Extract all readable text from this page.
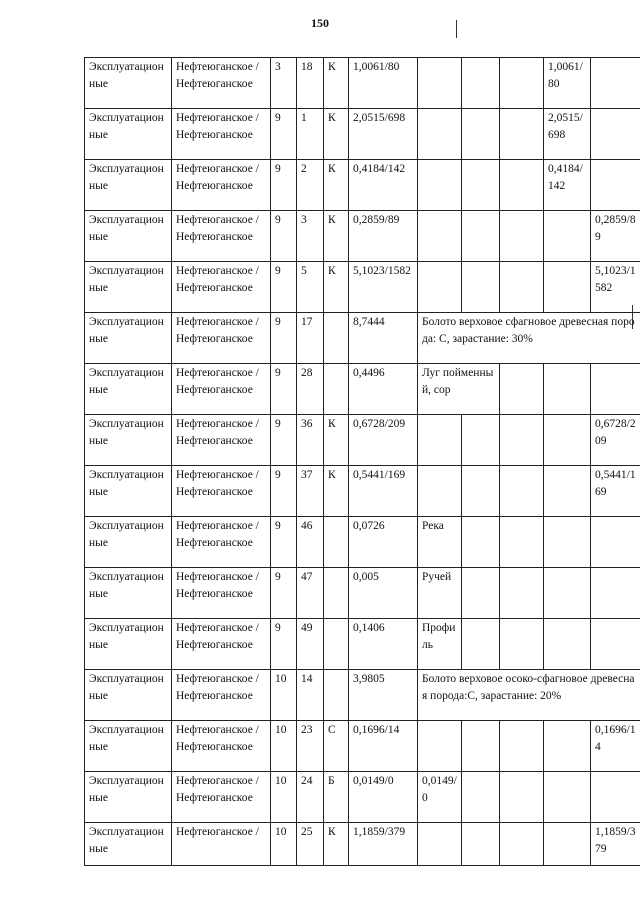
150
Эксплуатационные	Нефтеюганское / Нефтеюганское	3	18	К	1,0061/80				1,0061/80	
Эксплуатационные	Нефтеюганское / Нефтеюганское	9	1	К	2,0515/698				2,0515/698	
Эксплуатационные	Нефтеюганское / Нефтеюганское	9	2	К	0,4184/142				0,4184/142	
Эксплуатационные	Нефтеюганское / Нефтеюганское	9	3	К	0,2859/89					0,2859/89
Эксплуатационные	Нефтеюганское / Нефтеюганское	9	5	К	5,1023/1582					5,1023/1582
Эксплуатационные	Нефтеюганское / Нефтеюганское	9	17		8,7444	Болото верховое сфагновое древесная порода: С, зарастание: 30%				
Эксплуатационные	Нефтеюганское / Нефтеюганское	9	28		0,4496	Луг пойменный, сор				
Эксплуатационные	Нефтеюганское / Нефтеюганское	9	36	К	0,6728/209					0,6728/209
Эксплуатационные	Нефтеюганское / Нефтеюганское	9	37	К	0,5441/169					0,5441/169
Эксплуатационные	Нефтеюганское / Нефтеюганское	9	46		0,0726	Река				
Эксплуатационные	Нефтеюганское / Нефтеюганское	9	47		0,005	Ручей				
Эксплуатационные	Нефтеюганское / Нефтеюганское	9	49		0,1406	Профиль				
Эксплуатационные	Нефтеюганское / Нефтеюганское	10	14		3,9805	Болото верховое осоко-сфагновое древесная порода:С, зарастание: 20%				
Эксплуатационные	Нефтеюганское / Нефтеюганское	10	23	С	0,1696/14					0,1696/14
Эксплуатационные	Нефтеюганское / Нефтеюганское	10	24	Б	0,0149/0	0,0149/0				
Эксплуатационные	Нефтеюганское /	10	25	К	1,1859/379					1,1859/379
